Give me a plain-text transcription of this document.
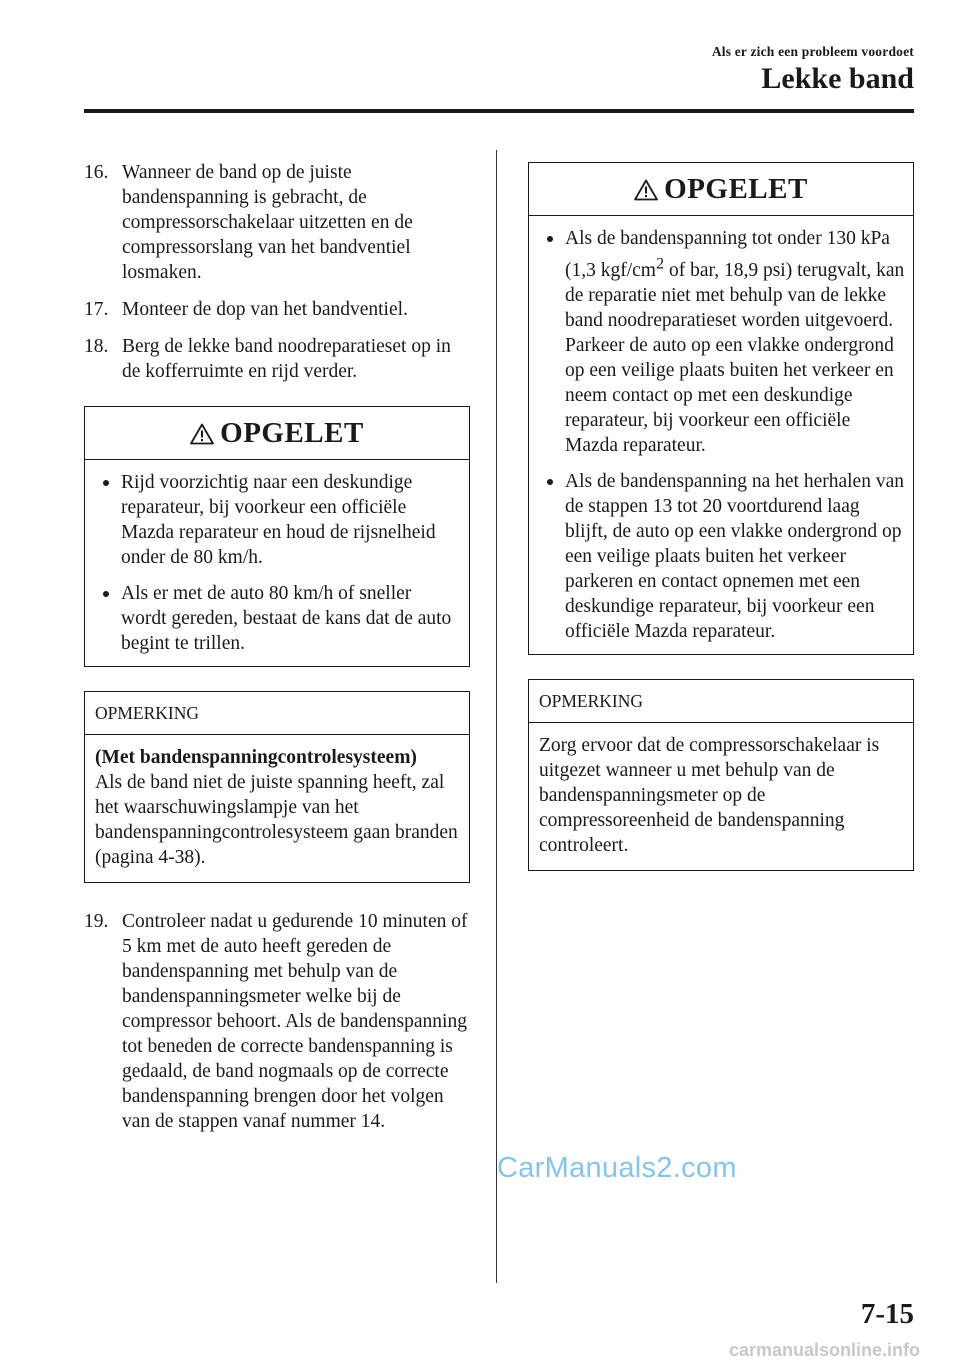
Als er zich een probleem voordoet
Lekke band
16. Wanneer de band op de juiste bandenspanning is gebracht, de compressorschakelaar uitzetten en de compressorslang van het bandventiel losmaken.
17. Monteer de dop van het bandventiel.
18. Berg de lekke band noodreparatieset op in de kofferruimte en rijd verder.
OPGELET
Rijd voorzichtig naar een deskundige reparateur, bij voorkeur een officiële Mazda reparateur en houd de rijsnelheid onder de 80 km/h.
Als er met de auto 80 km/h of sneller wordt gereden, bestaat de kans dat de auto begint te trillen.
OPMERKING
(Met bandenspanningcontrolesysteem)
Als de band niet de juiste spanning heeft, zal het waarschuwingslampje van het bandenspanningcontrolesysteem gaan branden (pagina 4-38).
19. Controleer nadat u gedurende 10 minuten of 5 km met de auto heeft gereden de bandenspanning met behulp van de bandenspanningsmeter welke bij de compressor behoort. Als de bandenspanning tot beneden de correcte bandenspanning is gedaald, de band nogmaals op de correcte bandenspanning brengen door het volgen van de stappen vanaf nummer 14.
OPGELET
Als de bandenspanning tot onder 130 kPa (1,3 kgf/$cm^2$ of bar, 18,9 psi) terugvalt, kan de reparatie niet met behulp van de lekke band noodreparatieset worden uitgevoerd. Parkeer de auto op een vlakke ondergrond op een veilige plaats buiten het verkeer en neem contact op met een deskundige reparateur, bij voorkeur een officiële Mazda reparateur.
Als de bandenspanning na het herhalen van de stappen 13 tot 20 voortdurend laag blijft, de auto op een vlakke ondergrond op een veilige plaats buiten het verkeer parkeren en contact opnemen met een deskundige reparateur, bij voorkeur een officiële Mazda reparateur.
OPMERKING
Zorg ervoor dat de compressorschakelaar is uitgezet wanneer u met behulp van de bandenspanningsmeter op de compressoreenheid de bandenspanning controleert.
CarManuals2.com
7-15
carmanualsonline.info
